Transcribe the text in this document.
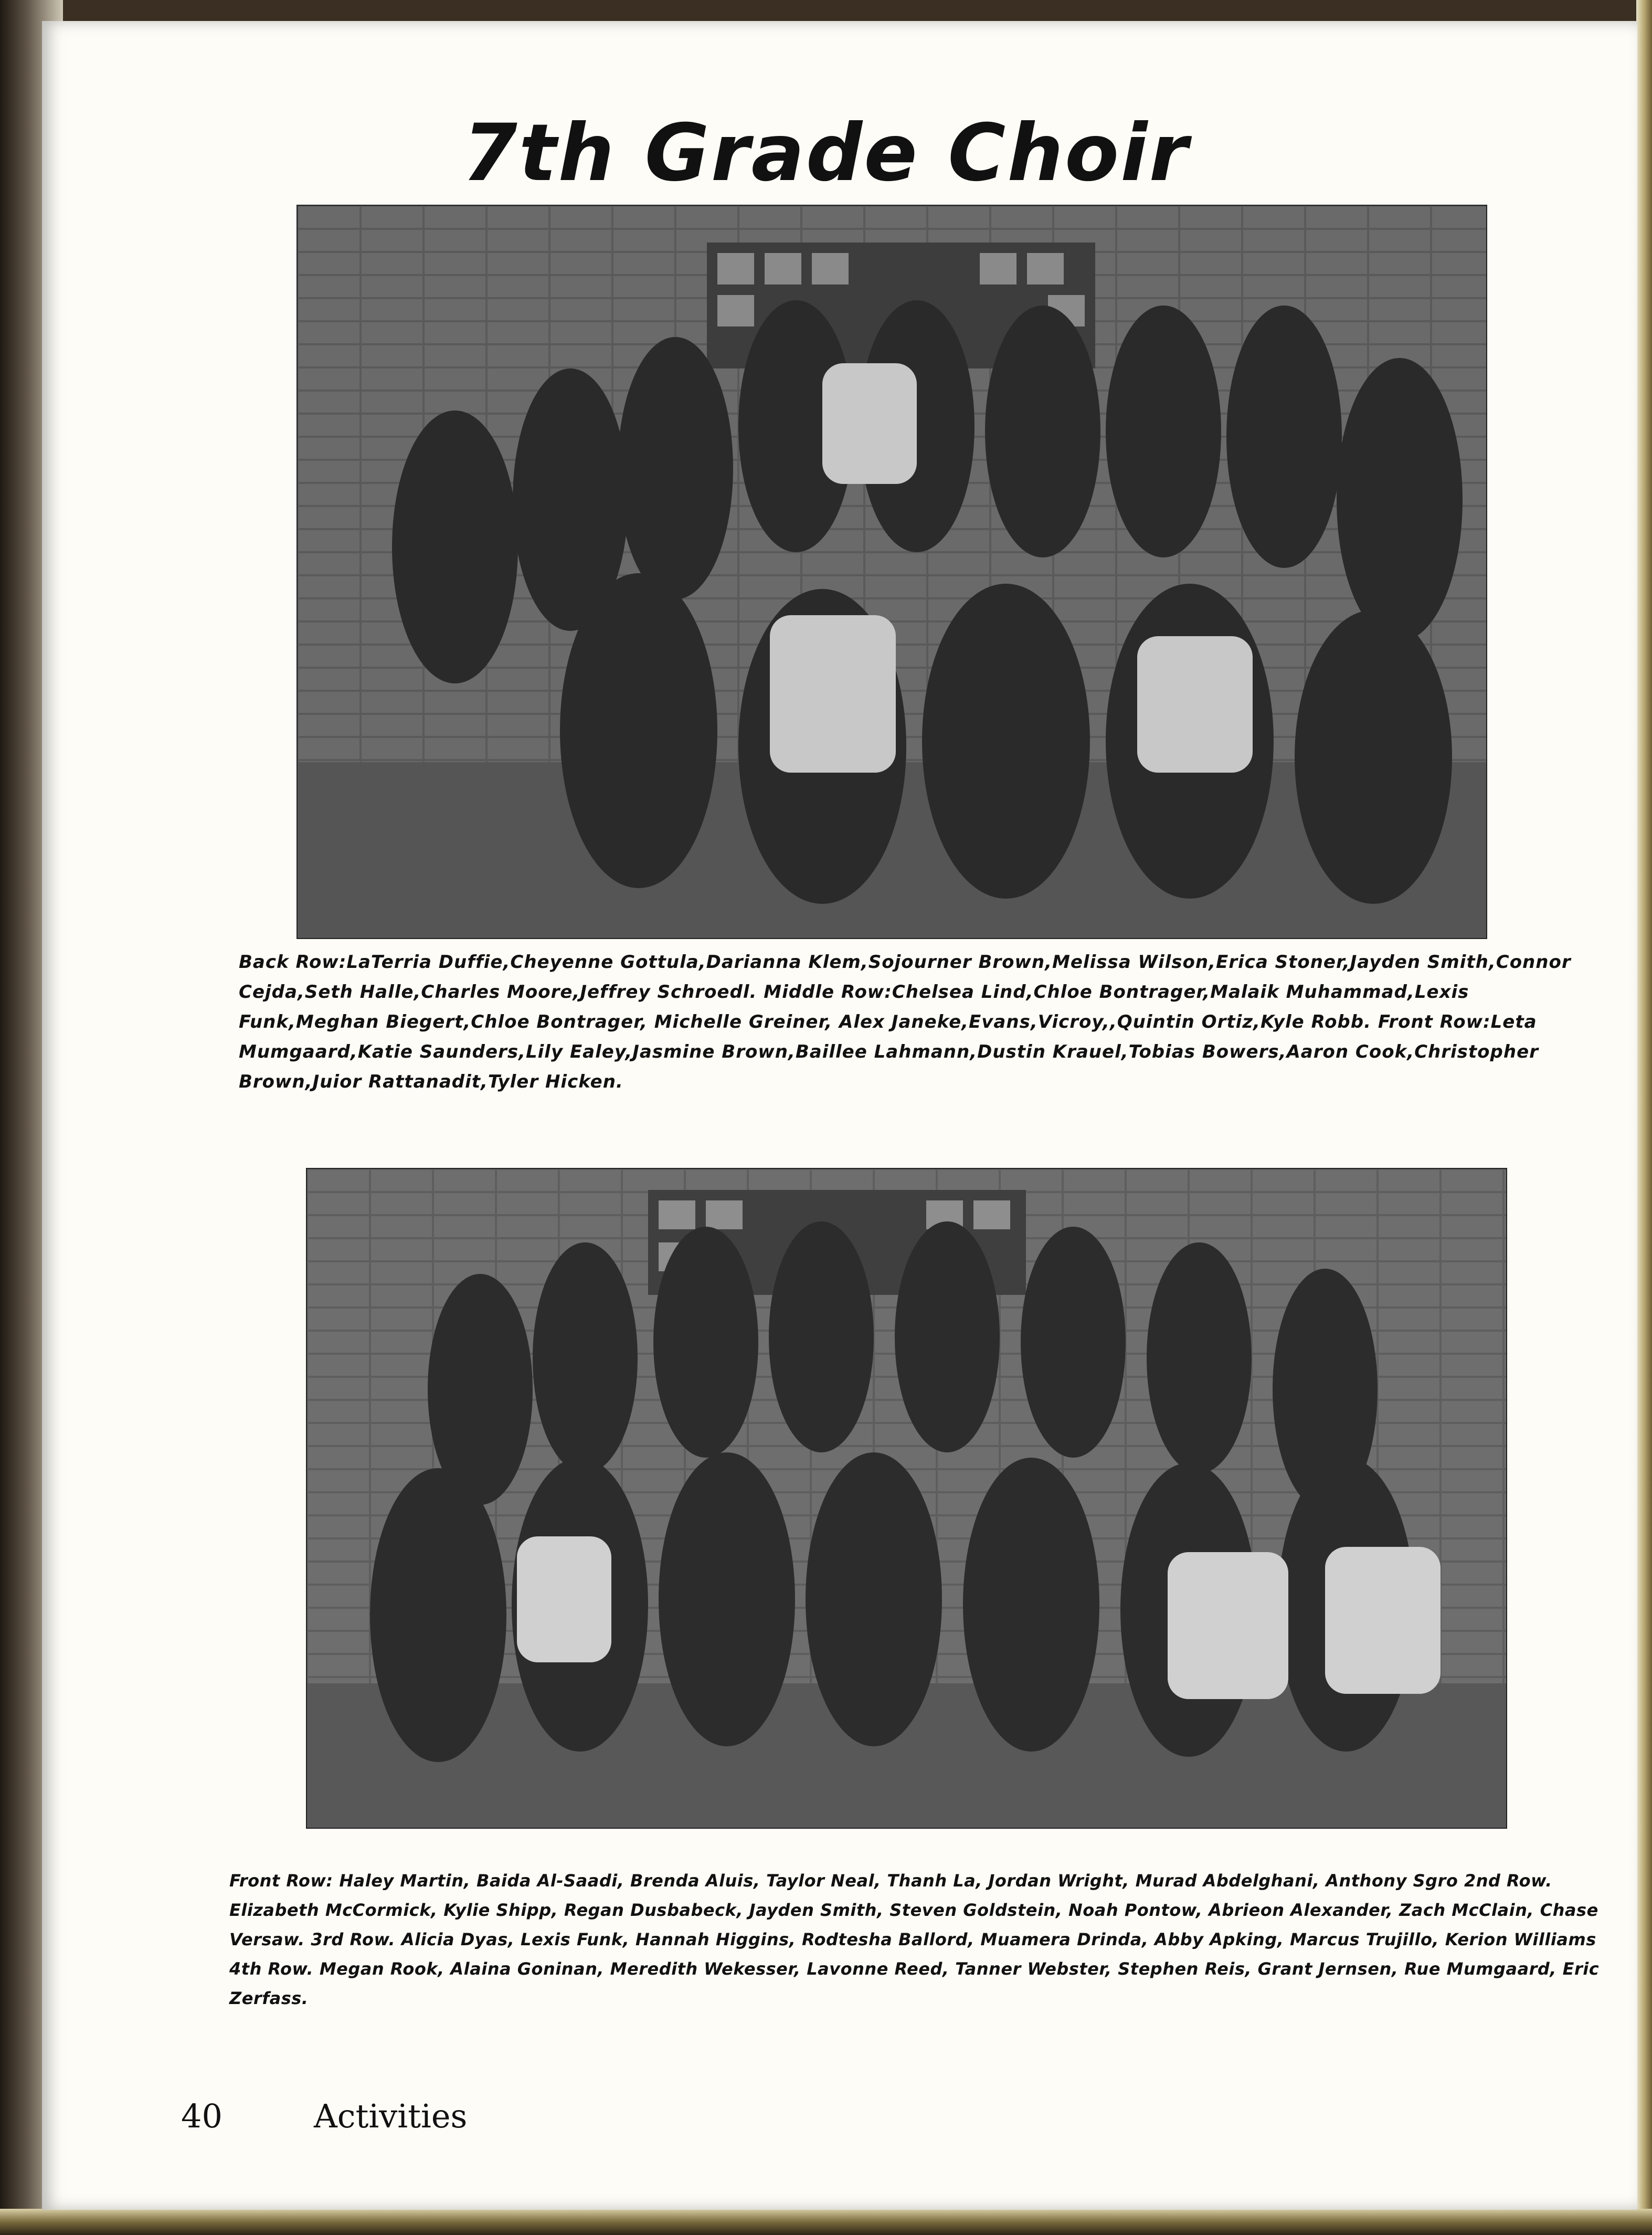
7th Grade Choir
Back Row:LaTerria Duffie,Cheyenne Gottula,Darianna Klem,Sojourner Brown,Melissa Wilson,Erica Stoner,Jayden Smith,Connor Cejda,Seth Halle,Charles Moore,Jeffrey Schroedl. Middle Row:Chelsea Lind,Chloe Bontrager,Malaik Muhammad,Lexis Funk,Meghan Biegert,Chloe Bontrager, Michelle Greiner, Alex Janeke,Evans,Vicroy,,Quintin Ortiz,Kyle Robb. Front Row:Leta Mumgaard,Katie Saunders,Lily Ealey,Jasmine Brown,Baillee Lahmann,Dustin Krauel,Tobias Bowers,Aaron Cook,Christopher Brown,Juior Rattanadit,Tyler Hicken.
Front Row: Haley Martin, Baida Al-Saadi, Brenda Aluis, Taylor Neal, Thanh La, Jordan Wright, Murad Abdelghani, Anthony Sgro 2nd Row. Elizabeth McCormick, Kylie Shipp, Regan Dusbabeck, Jayden Smith, Steven Goldstein, Noah Pontow, Abrieon Alexander, Zach McClain, Chase Versaw. 3rd Row. Alicia Dyas, Lexis Funk, Hannah Higgins, Rodtesha Ballord, Muamera Drinda, Abby Apking, Marcus Trujillo, Kerion Williams 4th Row. Megan Rook, Alaina Goninan, Meredith Wekesser, Lavonne Reed, Tanner Webster, Stephen Reis, Grant Jernsen, Rue Mumgaard, Eric Zerfass.
40	Activities
